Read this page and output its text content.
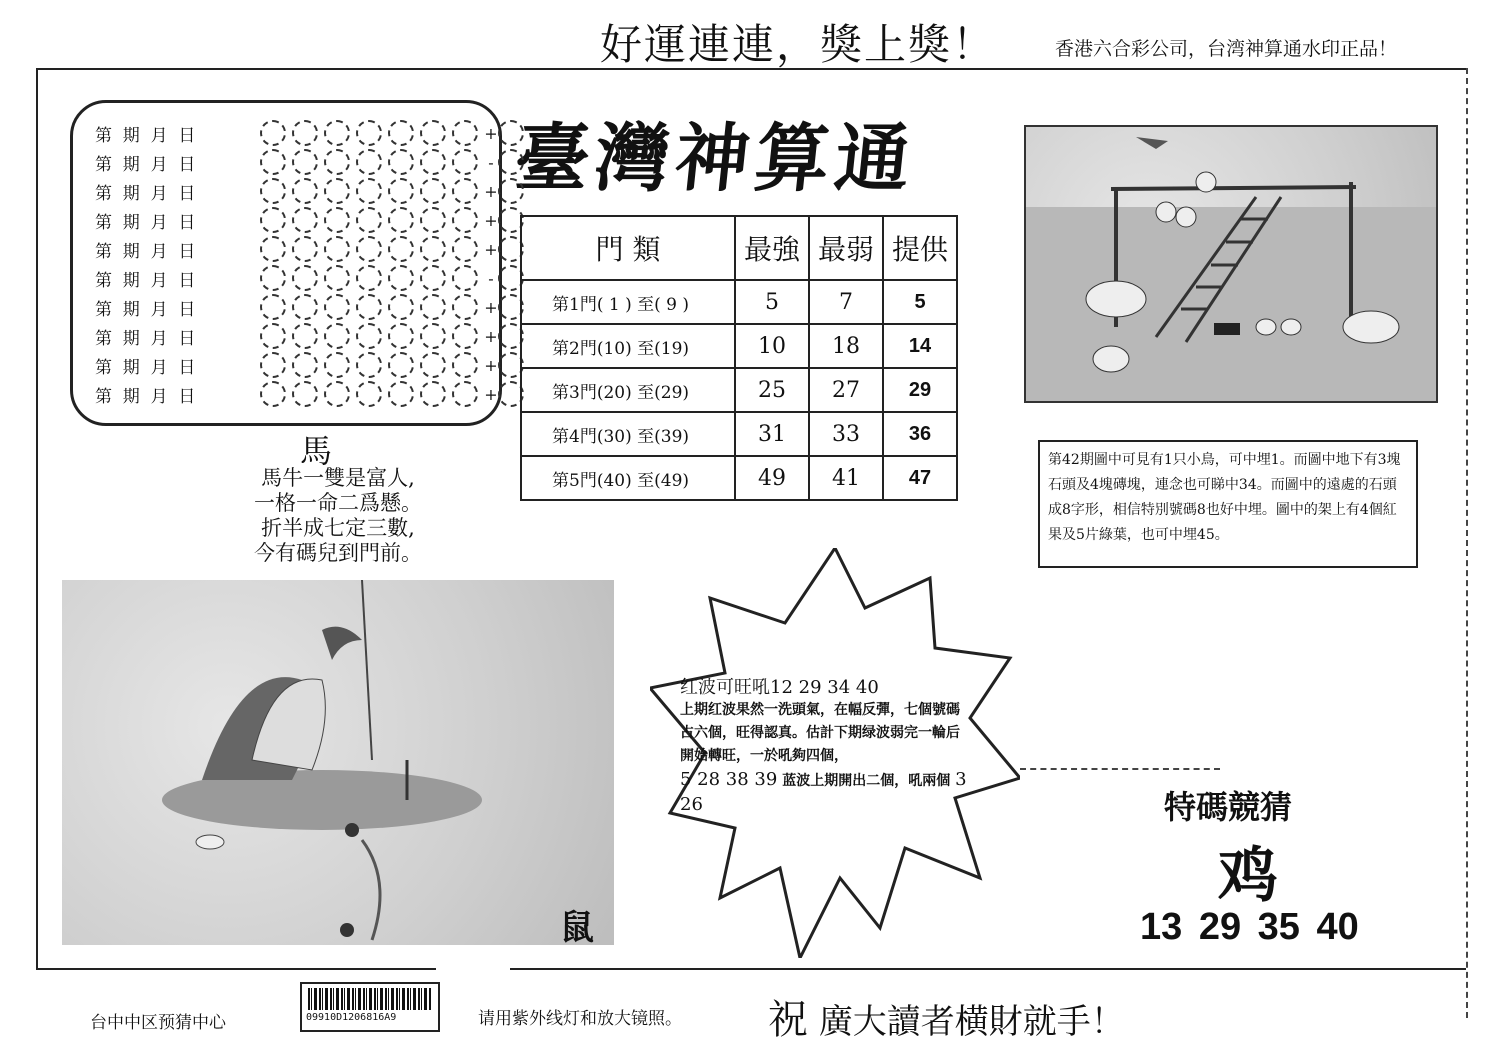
好運連連，獎上獎！	香港六合彩公司，台湾神算通水印正品！
臺灣神算通
第  期  月  日	+
第  期  月  日	-
第  期  月  日	+
第  期  月  日	+
第  期  月  日	+
第  期  月  日	-
第  期  月  日	+
第  期  月  日	+
第  期  月  日	+
第  期  月  日	+
馬
馬牛一雙是富人,
一格一命二爲懸。
折半成七定三數,
今有碼兒到門前。
門 類	最強	最弱	提供
第1門( 1 ) 至( 9 )	5	7	5
第2門(10) 至(19)	10	18	14
第3門(20) 至(29)	25	27	29
第4門(30) 至(39)	31	33	36
第5門(40) 至(49)	49	41	47
第42期圖中可見有1只小鳥，可中埋1。而圖中地下有3塊石頭及4塊磚塊，連念也可睇中34。而圖中的遠處的石頭成8字形，相信特別號碼8也好中埋。圖中的架上有4個紅果及5片綠葉，也可中埋45。
鼠
红波可旺吼12 29 34 40
上期红波果然一洗頭氣，在幅反彈，七個號碼占六個，旺得認真。估計下期绿波弱完一輪后開始轉旺，一於吼夠四個，
5 28 38 39 蓝波上期開出二個，吼兩個 3 26	特碼競猜
鸡
13 29 35 40
台中中区预猜中心	09910D1206816A9	请用紫外线灯和放大镜照。 祝 廣大讀者横財就手！
